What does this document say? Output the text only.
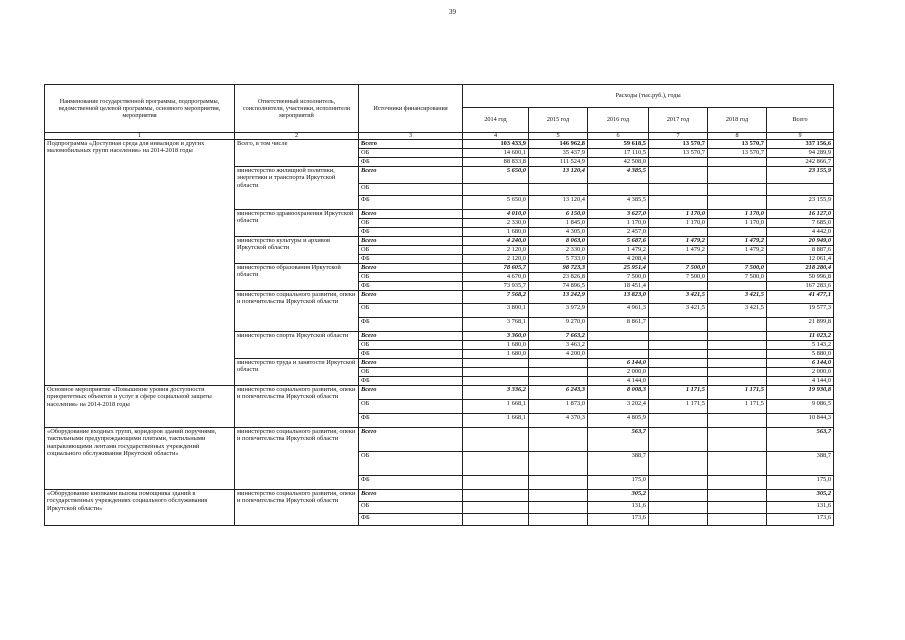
39
Наименование государственной программы, подпрограммы, ведомственной целевой программы, основного мероприятия, мероприятия	Ответственный исполнитель, соисполнители, участники, исполнители мероприятий	Источники финансирования	Расходы (тыс.руб.), годы					
			2014 год	2015 год	2016 год	2017 год	2018 год	Всего
1	2	3	4	5	6	7	8	9
Подпрограмма «Доступная среда для инвалидов и других маломобильных групп населения» на 2014-2018 годы	Всего, в том числе	Всего	103 433,9	146 962,8	59 618,5	13 570,7	13 570,7	337 156,6
		ОБ	14 600,1	35 437,9	17 110,5	13 570,7	13 570,7	94 289,9
		ФБ	88 833,8	111 524,9	42 508,0			242 866,7
	министерство жилищной политики, энергетики и транспорта Иркутской области	Всего	5 650,0	13 120,4	4 385,5			23 155,9
		ОБ						
		ФБ	5 650,0	13 120,4	4 385,5			23 155,9
	министерство здравоохранения Иркутской области	Всего	4 010,0	6 150,0	3 627,0	1 170,0	1 170,0	16 127,0
		ОБ	2 330,0	1 845,0	1 170,0	1 170,0	1 170,0	7 685,0
		ФБ	1 680,0	4 305,0	2 457,0			4 442,0
	министерство культуры и архивов Иркутской области	Всего	4 240,0	8 063,0	5 687,6	1 479,2	1 479,2	20 949,0
		ОБ	2 120,0	2 330,0	1 479,2	1 479,2	1 479,2	8 887,6
		ФБ	2 120,0	5 733,0	4 208,4			12 061,4
	министерство образования Иркутской области	Всего	78 605,7	98 723,3	25 951,4	7 500,0	7 500,0	218 280,4
		ОБ	4 670,0	23 826,8	7 500,0	7 500,0	7 500,0	50 996,8
		ФБ	73 935,7	74 896,5	18 451,4			167 283,6
	министерство социального развития, опеки и попечительства Иркутской области	Всего	7 568,2	13 242,9	13 823,0	3 421,5	3 421,5	41 477,1
		ОБ	3 800,1	3 972,9	4 961,3	3 421,5	3 421,5	19 577,3
		ФБ	3 768,1	9 270,0	8 861,7			21 899,8
	министерство спорта Иркутской области	Всего	3 360,0	7 663,2				11 023,2
		ОБ	1 680,0	3 463,2				5 143,2
		ФБ	1 680,0	4 200,0				5 880,0
	министерство труда и занятости Иркутской области	Всего			6 144,0			6 144,0
		ОБ			2 000,0			2 000,0
		ФБ			4 144,0			4 144,0
Основное мероприятие «Повышение уровня доступности приоритетных объектов и услуг в сфере социальной защиты населения» на 2014-2018 годы	министерство социального развития, опеки и попечительства Иркутской области	Всего	3 336,2	6 243,3	8 008,3	1 171,5	1 171,5	19 930,8
		ОБ	1 668,1	1 873,0	3 202,4	1 171,5	1 171,5	9 086,5
		ФБ	1 668,1	4 370,3	4 805,9			10 844,3
«Оборудование входных групп, коридоров зданий поручнями, тактильными предупреждающими плитами, тактильными направляющими лентами государственных учреждений социального обслуживания Иркутской области»	министерство социального развития, опеки и попечительства Иркутской области	Всего			563,7			563,7
		ОБ			388,7			388,7
		ФБ			175,0			175,0
«Оборудование кнопками вызова помощника зданий в государственных учреждениях социального обслуживания Иркутской области»	министерство социального развития, опеки и попечительства Иркутской области	Всего			305,2			305,2
		ОБ			131,6			131,6
		ФБ			173,6			173,6
